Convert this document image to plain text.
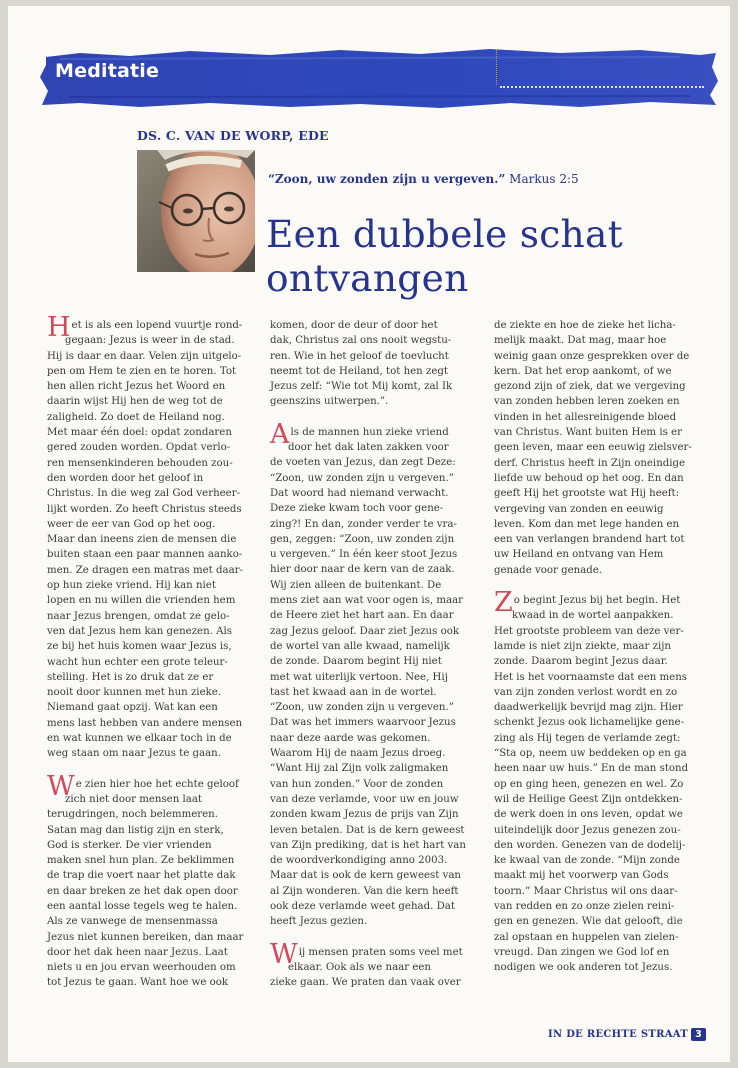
Meditatie
DS. C. VAN DE WORP, EDE
“Zoon, uw zonden zijn u vergeven.” Markus 2:5
Een dubbele schat
ontvangen

Het is als een lopend vuurtje rond-

gegaan: Jezus is weer in de stad.

Hij is daar en daar. Velen zijn uitgelo-

pen om Hem te zien en te horen. Tot

hen allen richt Jezus het Woord en

daarin wijst Hij hen de weg tot de

zaligheid. Zo doet de Heiland nog.

Met maar één doel: opdat zondaren

gered zouden worden. Opdat verlo-

ren mensenkinderen behouden zou-

den worden door het geloof in

Christus. In die weg zal God verheer-

lijkt worden. Zo heeft Christus steeds

weer de eer van God op het oog.

Maar dan ineens zien de mensen die

buiten staan een paar mannen aanko-

men. Ze dragen een matras met daar-

op hun zieke vriend. Hij kan niet

lopen en nu willen die vrienden hem

naar Jezus brengen, omdat ze gelo-

ven dat Jezus hem kan genezen. Als

ze bij het huis komen waar Jezus is,

wacht hun echter een grote teleur-

stelling. Het is zo druk dat ze er

nooit door kunnen met hun zieke.

Niemand gaat opzij. Wat kan een

mens last hebben van andere mensen

en wat kunnen we elkaar toch in de

weg staan om naar Jezus te gaan.

We zien hier hoe het echte geloof

zich niet door mensen laat

terugdringen, noch belemmeren.

Satan mag dan listig zijn en sterk,

God is sterker. De vier vrienden

maken snel hun plan. Ze beklimmen

de trap die voert naar het platte dak

en daar breken ze het dak open door

een aantal losse tegels weg te halen.

Als ze vanwege de mensenmassa

Jezus niet kunnen bereiken, dan maar

door het dak heen naar Jezus. Laat

niets u en jou ervan weerhouden om

tot Jezus te gaan. Want hoe we ook

komen, door de deur of door het

dak, Christus zal ons nooit wegstu-

ren. Wie in het geloof de toevlucht

neemt tot de Heiland, tot hen zegt

Jezus zelf: “Wie tot Mij komt, zal Ik

geenszins uitwerpen.”.

Als de mannen hun zieke vriend

door het dak laten zakken voor

de voeten van Jezus, dan zegt Deze:

“Zoon, uw zonden zijn u vergeven.”

Dat woord had niemand verwacht.

Deze zieke kwam toch voor gene-

zing?! En dan, zonder verder te vra-

gen, zeggen: “Zoon, uw zonden zijn

u vergeven.” In één keer stoot Jezus

hier door naar de kern van de zaak.

Wij zien alleen de buitenkant. De

mens ziet aan wat voor ogen is, maar

de Heere ziet het hart aan. En daar

zag Jezus geloof. Daar ziet Jezus ook

de wortel van alle kwaad, namelijk

de zonde. Daarom begint Hij niet

met wat uiterlijk vertoon. Nee, Hij

tast het kwaad aan in de wortel.

“Zoon, uw zonden zijn u vergeven.”

Dat was het immers waarvoor Jezus

naar deze aarde was gekomen.

Waarom Hij de naam Jezus droeg.

“Want Hij zal Zijn volk zaligmaken

van hun zonden.” Voor de zonden

van deze verlamde, voor uw en jouw

zonden kwam Jezus de prijs van Zijn

leven betalen. Dat is de kern geweest

van Zijn prediking, dat is het hart van

de woordverkondiging anno 2003.

Maar dat is ook de kern geweest van

al Zijn wonderen. Van die kern heeft

ook deze verlamde weet gehad. Dat

heeft Jezus gezien.

Wij mensen praten soms veel met

elkaar. Ook als we naar een

zieke gaan. We praten dan vaak over

de ziekte en hoe de zieke het licha-

melijk maakt. Dat mag, maar hoe

weinig gaan onze gesprekken over de

kern. Dat het erop aankomt, of we

gezond zijn of ziek, dat we vergeving

van zonden hebben leren zoeken en

vinden in het allesreinigende bloed

van Christus. Want buiten Hem is er

geen leven, maar een eeuwig zielsver-

derf. Christus heeft in Zijn oneindige

liefde uw behoud op het oog. En dan

geeft Hij het grootste wat Hij heeft:

vergeving van zonden en eeuwig

leven. Kom dan met lege handen en

een van verlangen brandend hart tot

uw Heiland en ontvang van Hem

genade voor genade.

Zo begint Jezus bij het begin. Het

kwaad in de wortel aanpakken.

Het grootste probleem van deze ver-

lamde is niet zijn ziekte, maar zijn

zonde. Daarom begint Jezus daar.

Het is het voornaamste dat een mens

van zijn zonden verlost wordt en zo

daadwerkelijk bevrijd mag zijn. Hier

schenkt Jezus ook lichamelijke gene-

zing als Hij tegen de verlamde zegt:

“Sta op, neem uw beddeken op en ga

heen naar uw huis.” En de man stond

op en ging heen, genezen en wel. Zo

wil de Heilige Geest Zijn ontdekken-

de werk doen in ons leven, opdat we

uiteindelijk door Jezus genezen zou-

den worden. Genezen van de dodelij-

ke kwaal van de zonde. “Mijn zonde

maakt mij het voorwerp van Gods

toorn.” Maar Christus wil ons daar-

van redden en zo onze zielen reini-

gen en genezen. Wie dat gelooft, die

zal opstaan en huppelen van zielen-

vreugd. Dan zingen we God lof en

nodigen we ook anderen tot Jezus.

IN DE RECHTE STRAAT 3
